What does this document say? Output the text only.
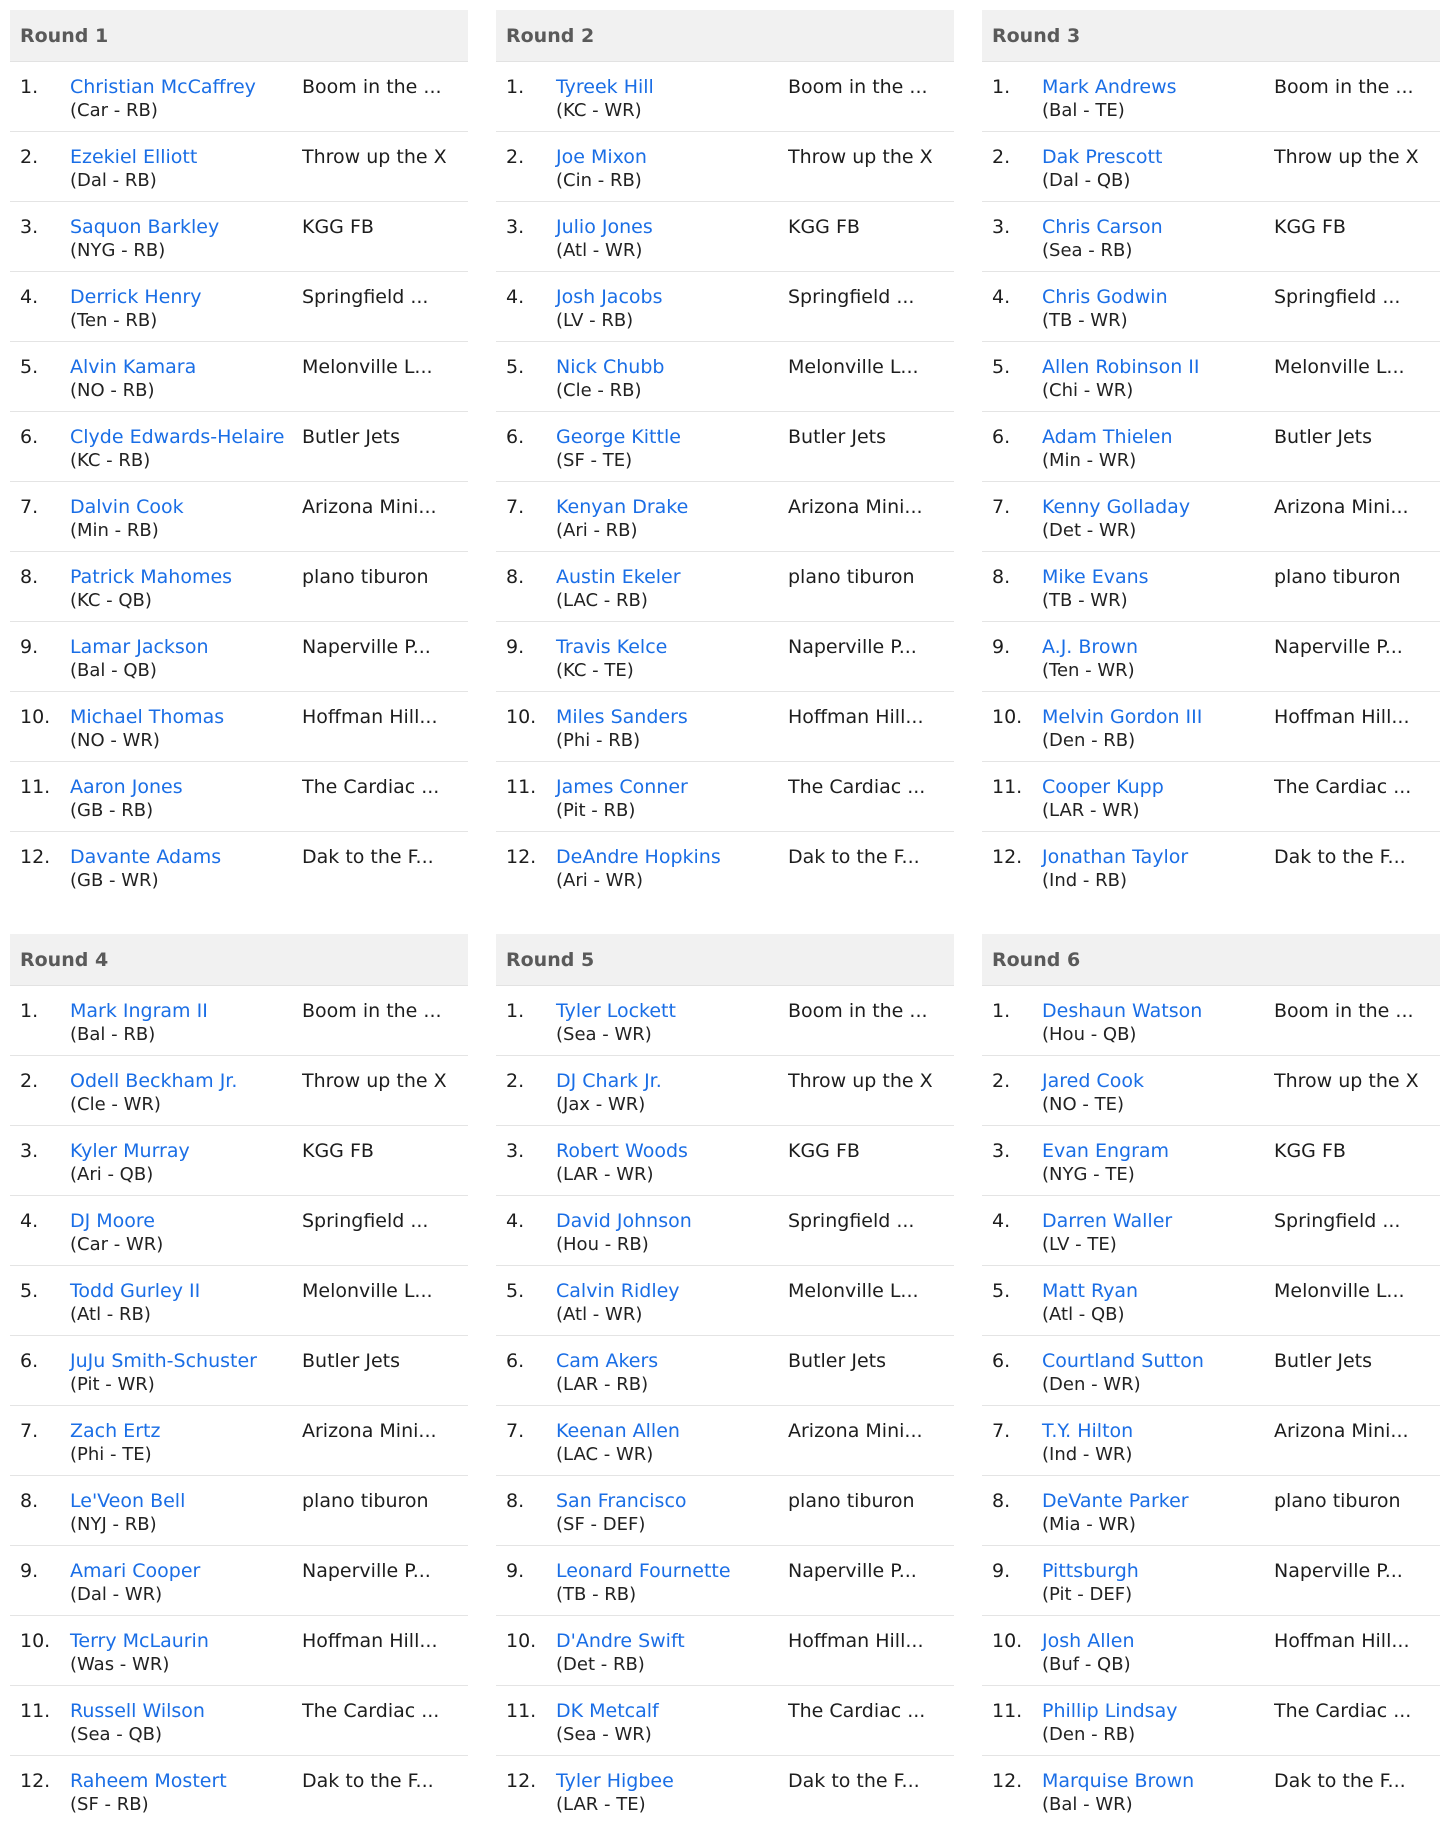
Round 1
1.	Christian McCaffrey
(Car - RB)
Boom in the ...
2.	Ezekiel Elliott
(Dal - RB)
Throw up the X
3.	Saquon Barkley
(NYG - RB)
KGG FB
4.	Derrick Henry
(Ten - RB)
Springfield ...
5.	Alvin Kamara
(NO - RB)
Melonville L...
6.	Clyde Edwards-Helaire
(KC - RB)
Butler Jets
7.	Dalvin Cook
(Min - RB)
Arizona Mini...
8.	Patrick Mahomes
(KC - QB)
plano tiburon
9.	Lamar Jackson
(Bal - QB)
Naperville P...
10.	Michael Thomas
(NO - WR)
Hoffman Hill...
11.	Aaron Jones
(GB - RB)
The Cardiac ...
12.	Davante Adams
(GB - WR)
Dak to the F...
Round 2
1.	Tyreek Hill
(KC - WR)
Boom in the ...
2.	Joe Mixon
(Cin - RB)
Throw up the X
3.	Julio Jones
(Atl - WR)
KGG FB
4.	Josh Jacobs
(LV - RB)
Springfield ...
5.	Nick Chubb
(Cle - RB)
Melonville L...
6.	George Kittle
(SF - TE)
Butler Jets
7.	Kenyan Drake
(Ari - RB)
Arizona Mini...
8.	Austin Ekeler
(LAC - RB)
plano tiburon
9.	Travis Kelce
(KC - TE)
Naperville P...
10.	Miles Sanders
(Phi - RB)
Hoffman Hill...
11.	James Conner
(Pit - RB)
The Cardiac ...
12.	DeAndre Hopkins
(Ari - WR)
Dak to the F...
Round 3
1.	Mark Andrews
(Bal - TE)
Boom in the ...
2.	Dak Prescott
(Dal - QB)
Throw up the X
3.	Chris Carson
(Sea - RB)
KGG FB
4.	Chris Godwin
(TB - WR)
Springfield ...
5.	Allen Robinson II
(Chi - WR)
Melonville L...
6.	Adam Thielen
(Min - WR)
Butler Jets
7.	Kenny Golladay
(Det - WR)
Arizona Mini...
8.	Mike Evans
(TB - WR)
plano tiburon
9.	A.J. Brown
(Ten - WR)
Naperville P...
10.	Melvin Gordon III
(Den - RB)
Hoffman Hill...
11.	Cooper Kupp
(LAR - WR)
The Cardiac ...
12.	Jonathan Taylor
(Ind - RB)
Dak to the F...
Round 4
1.	Mark Ingram II
(Bal - RB)
Boom in the ...
2.	Odell Beckham Jr.
(Cle - WR)
Throw up the X
3.	Kyler Murray
(Ari - QB)
KGG FB
4.	DJ Moore
(Car - WR)
Springfield ...
5.	Todd Gurley II
(Atl - RB)
Melonville L...
6.	JuJu Smith-Schuster
(Pit - WR)
Butler Jets
7.	Zach Ertz
(Phi - TE)
Arizona Mini...
8.	Le'Veon Bell
(NYJ - RB)
plano tiburon
9.	Amari Cooper
(Dal - WR)
Naperville P...
10.	Terry McLaurin
(Was - WR)
Hoffman Hill...
11.	Russell Wilson
(Sea - QB)
The Cardiac ...
12.	Raheem Mostert
(SF - RB)
Dak to the F...
Round 5
1.	Tyler Lockett
(Sea - WR)
Boom in the ...
2.	DJ Chark Jr.
(Jax - WR)
Throw up the X
3.	Robert Woods
(LAR - WR)
KGG FB
4.	David Johnson
(Hou - RB)
Springfield ...
5.	Calvin Ridley
(Atl - WR)
Melonville L...
6.	Cam Akers
(LAR - RB)
Butler Jets
7.	Keenan Allen
(LAC - WR)
Arizona Mini...
8.	San Francisco
(SF - DEF)
plano tiburon
9.	Leonard Fournette
(TB - RB)
Naperville P...
10.	D'Andre Swift
(Det - RB)
Hoffman Hill...
11.	DK Metcalf
(Sea - WR)
The Cardiac ...
12.	Tyler Higbee
(LAR - TE)
Dak to the F...
Round 6
1.	Deshaun Watson
(Hou - QB)
Boom in the ...
2.	Jared Cook
(NO - TE)
Throw up the X
3.	Evan Engram
(NYG - TE)
KGG FB
4.	Darren Waller
(LV - TE)
Springfield ...
5.	Matt Ryan
(Atl - QB)
Melonville L...
6.	Courtland Sutton
(Den - WR)
Butler Jets
7.	T.Y. Hilton
(Ind - WR)
Arizona Mini...
8.	DeVante Parker
(Mia - WR)
plano tiburon
9.	Pittsburgh
(Pit - DEF)
Naperville P...
10.	Josh Allen
(Buf - QB)
Hoffman Hill...
11.	Phillip Lindsay
(Den - RB)
The Cardiac ...
12.	Marquise Brown
(Bal - WR)
Dak to the F...
